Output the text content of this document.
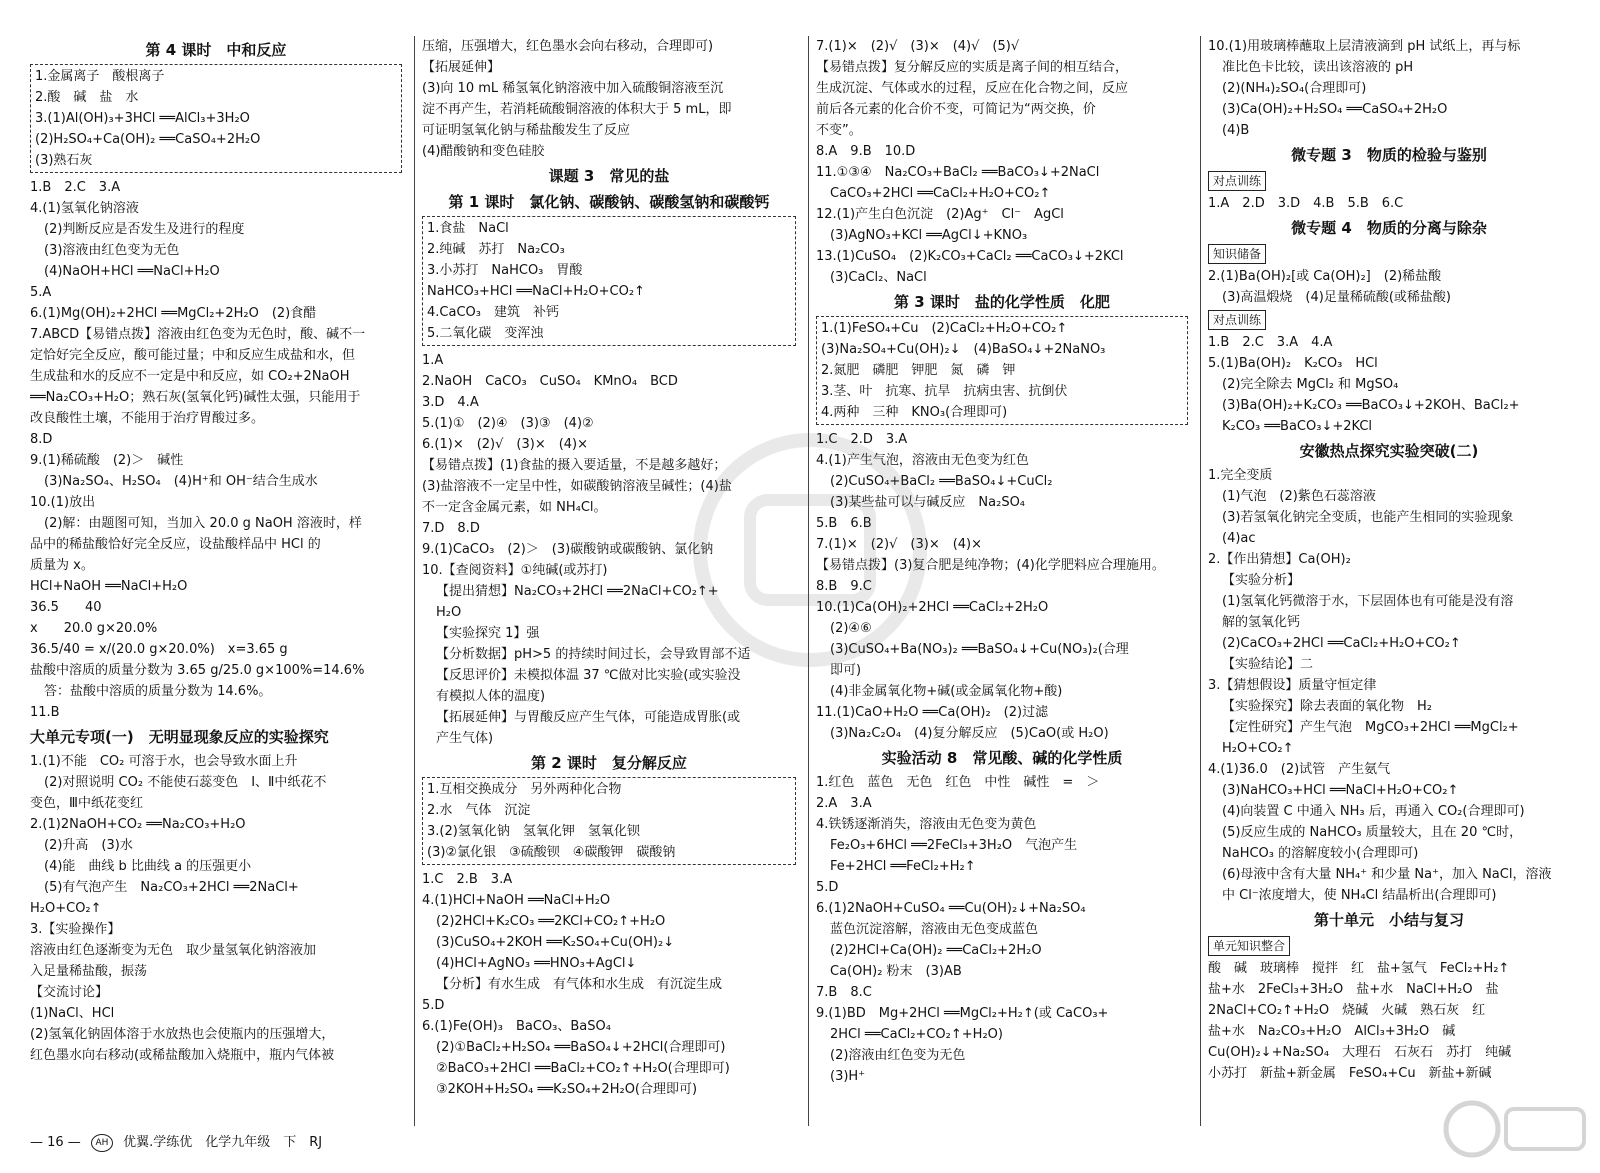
第 4 课时　中和反应
1.金属离子　酸根离子
2.酸　碱　盐　水
3.(1)Al(OH)₃+3HCl ══AlCl₃+3H₂O
(2)H₂SO₄+Ca(OH)₂ ══CaSO₄+2H₂O
(3)熟石灰
1.B　2.C　3.A
4.(1)氢氧化钠溶液
(2)判断反应是否发生及进行的程度
(3)溶液由红色变为无色
(4)NaOH+HCl ══NaCl+H₂O
5.A
6.(1)Mg(OH)₂+2HCl ══MgCl₂+2H₂O　(2)食醋
7.ABCD【易错点拨】溶液由红色变为无色时，酸、碱不一
定恰好完全反应，酸可能过量；中和反应生成盐和水，但
生成盐和水的反应不一定是中和反应，如 CO₂+2NaOH
══Na₂CO₃+H₂O；熟石灰(氢氧化钙)碱性太强，只能用于
改良酸性土壤，不能用于治疗胃酸过多。
8.D
9.(1)稀硫酸　(2)＞　碱性
(3)Na₂SO₄、H₂SO₄　(4)H⁺和 OH⁻结合生成水
10.(1)放出
(2)解：由题图可知，当加入 20.0 g NaOH 溶液时，样
品中的稀盐酸恰好完全反应，设盐酸样品中 HCl 的
质量为 x。
HCl+NaOH ══NaCl+H₂O
36.5　　40
x　　20.0 g×20.0%
36.5/40 = x/(20.0 g×20.0%)　x=3.65 g
盐酸中溶质的质量分数为 3.65 g/25.0 g×100%=14.6%
答：盐酸中溶质的质量分数为 14.6%。
11.B
大单元专项(一)　无明显现象反应的实验探究
1.(1)不能　CO₂ 可溶于水，也会导致水面上升
(2)对照说明 CO₂ 不能使石蕊变色　Ⅰ、Ⅱ中纸花不
变色，Ⅲ中纸花变红
2.(1)2NaOH+CO₂ ══Na₂CO₃+H₂O
(2)升高　(3)水
(4)能　曲线 b 比曲线 a 的压强更小
(5)有气泡产生　Na₂CO₃+2HCl ══2NaCl+
H₂O+CO₂↑
3.【实验操作】
溶液由红色逐渐变为无色　取少量氢氧化钠溶液加
入足量稀盐酸，振荡
【交流讨论】
(1)NaCl、HCl
(2)氢氧化钠固体溶于水放热也会使瓶内的压强增大，
红色墨水向右移动(或稀盐酸加入烧瓶中，瓶内气体被
压缩，压强增大，红色墨水会向右移动，合理即可)
【拓展延伸】
(3)向 10 mL 稀氢氧化钠溶液中加入硫酸铜溶液至沉
淀不再产生，若消耗硫酸铜溶液的体积大于 5 mL，即
可证明氢氧化钠与稀盐酸发生了反应
(4)醋酸钠和变色硅胶
课题 3　常见的盐
第 1 课时　氯化钠、碳酸钠、碳酸氢钠和碳酸钙
1.食盐　NaCl
2.纯碱　苏打　Na₂CO₃
3.小苏打　NaHCO₃　胃酸
NaHCO₃+HCl ══NaCl+H₂O+CO₂↑
4.CaCO₃　建筑　补钙
5.二氧化碳　变浑浊
1.A
2.NaOH　CaCO₃　CuSO₄　KMnO₄　BCD
3.D　4.A
5.(1)①　(2)④　(3)③　(4)②
6.(1)×　(2)√　(3)×　(4)×
【易错点拨】(1)食盐的摄入要适量，不是越多越好；
(3)盐溶液不一定呈中性，如碳酸钠溶液呈碱性；(4)盐
不一定含金属元素，如 NH₄Cl。
7.D　8.D
9.(1)CaCO₃　(2)＞　(3)碳酸钠或碳酸钠、氯化钠
10.【查阅资料】①纯碱(或苏打)
【提出猜想】Na₂CO₃+2HCl ══2NaCl+CO₂↑+
H₂O
【实验探究 1】强
【分析数据】pH>5 的持续时间过长，会导致胃部不适
【反思评价】未模拟体温 37 ℃做对比实验(或实验没
有模拟人体的温度)
【拓展延伸】与胃酸反应产生气体，可能造成胃胀(或
产生气体)
第 2 课时　复分解反应
1.互相交换成分　另外两种化合物
2.水　气体　沉淀
3.(2)氢氧化钠　氢氧化钾　氢氧化钡
(3)②氯化银　③硫酸钡　④碳酸钾　碳酸钠
1.C　2.B　3.A
4.(1)HCl+NaOH ══NaCl+H₂O
(2)2HCl+K₂CO₃ ══2KCl+CO₂↑+H₂O
(3)CuSO₄+2KOH ══K₂SO₄+Cu(OH)₂↓
(4)HCl+AgNO₃ ══HNO₃+AgCl↓
【分析】有水生成　有气体和水生成　有沉淀生成
5.D
6.(1)Fe(OH)₃　BaCO₃、BaSO₄
(2)①BaCl₂+H₂SO₄ ══BaSO₄↓+2HCl(合理即可)
②BaCO₃+2HCl ══BaCl₂+CO₂↑+H₂O(合理即可)
③2KOH+H₂SO₄ ══K₂SO₄+2H₂O(合理即可)
7.(1)×　(2)√　(3)×　(4)√　(5)√
【易错点拨】复分解反应的实质是离子间的相互结合，
生成沉淀、气体或水的过程，反应在化合物之间，反应
前后各元素的化合价不变，可简记为“两交换，价
不变”。
8.A　9.B　10.D
11.①③④　Na₂CO₃+BaCl₂ ══BaCO₃↓+2NaCl
CaCO₃+2HCl ══CaCl₂+H₂O+CO₂↑
12.(1)产生白色沉淀　(2)Ag⁺　Cl⁻　AgCl
(3)AgNO₃+KCl ══AgCl↓+KNO₃
13.(1)CuSO₄　(2)K₂CO₃+CaCl₂ ══CaCO₃↓+2KCl
(3)CaCl₂、NaCl
第 3 课时　盐的化学性质　化肥
1.(1)FeSO₄+Cu　(2)CaCl₂+H₂O+CO₂↑
(3)Na₂SO₄+Cu(OH)₂↓　(4)BaSO₄↓+2NaNO₃
2.氮肥　磷肥　钾肥　氮　磷　钾
3.茎、叶　抗寒、抗旱　抗病虫害、抗倒伏
4.两种　三种　KNO₃(合理即可)
1.C　2.D　3.A
4.(1)产生气泡，溶液由无色变为红色
(2)CuSO₄+BaCl₂ ══BaSO₄↓+CuCl₂
(3)某些盐可以与碱反应　Na₂SO₄
5.B　6.B
7.(1)×　(2)√　(3)×　(4)×
【易错点拨】(3)复合肥是纯净物；(4)化学肥料应合理施用。
8.B　9.C
10.(1)Ca(OH)₂+2HCl ══CaCl₂+2H₂O
(2)④⑥
(3)CuSO₄+Ba(NO₃)₂ ══BaSO₄↓+Cu(NO₃)₂(合理
即可)
(4)非金属氧化物+碱(或金属氧化物+酸)
11.(1)CaO+H₂O ══Ca(OH)₂　(2)过滤
(3)Na₂C₂O₄　(4)复分解反应　(5)CaO(或 H₂O)
实验活动 8　常见酸、碱的化学性质
1.红色　蓝色　无色　红色　中性　碱性　=　＞
2.A　3.A
4.铁锈逐渐消失，溶液由无色变为黄色
Fe₂O₃+6HCl ══2FeCl₃+3H₂O　气泡产生
Fe+2HCl ══FeCl₂+H₂↑
5.D
6.(1)2NaOH+CuSO₄ ══Cu(OH)₂↓+Na₂SO₄
蓝色沉淀溶解，溶液由无色变成蓝色
(2)2HCl+Ca(OH)₂ ══CaCl₂+2H₂O
Ca(OH)₂ 粉末　(3)AB
7.B　8.C
9.(1)BD　Mg+2HCl ══MgCl₂+H₂↑(或 CaCO₃+
2HCl ══CaCl₂+CO₂↑+H₂O)
(2)溶液由红色变为无色
(3)H⁺
10.(1)用玻璃棒蘸取上层清液滴到 pH 试纸上，再与标
准比色卡比较，读出该溶液的 pH
(2)(NH₄)₂SO₄(合理即可)
(3)Ca(OH)₂+H₂SO₄ ══CaSO₄+2H₂O
(4)B
微专题 3　物质的检验与鉴别
对点训练
1.A　2.D　3.D　4.B　5.B　6.C
微专题 4　物质的分离与除杂
知识储备
2.(1)Ba(OH)₂[或 Ca(OH)₂]　(2)稀盐酸
(3)高温煅烧　(4)足量稀硫酸(或稀盐酸)
对点训练
1.B　2.C　3.A　4.A
5.(1)Ba(OH)₂　K₂CO₃　HCl
(2)完全除去 MgCl₂ 和 MgSO₄
(3)Ba(OH)₂+K₂CO₃ ══BaCO₃↓+2KOH、BaCl₂+
K₂CO₃ ══BaCO₃↓+2KCl
安徽热点探究实验突破(二)
1.完全变质
(1)气泡　(2)紫色石蕊溶液
(3)若氢氧化钠完全变质，也能产生相同的实验现象
(4)ac
2.【作出猜想】Ca(OH)₂
【实验分析】
(1)氢氧化钙微溶于水，下层固体也有可能是没有溶
解的氢氧化钙
(2)CaCO₃+2HCl ══CaCl₂+H₂O+CO₂↑
【实验结论】二
3.【猜想假设】质量守恒定律
【实验探究】除去表面的氧化物　H₂
【定性研究】产生气泡　MgCO₃+2HCl ══MgCl₂+
H₂O+CO₂↑
4.(1)36.0　(2)试管　产生氨气
(3)NaHCO₃+HCl ══NaCl+H₂O+CO₂↑
(4)向装置 C 中通入 NH₃ 后，再通入 CO₂(合理即可)
(5)反应生成的 NaHCO₃ 质量较大，且在 20 ℃时，
NaHCO₃ 的溶解度较小(合理即可)
(6)母液中含有大量 NH₄⁺ 和少量 Na⁺，加入 NaCl，溶液
中 Cl⁻浓度增大，使 NH₄Cl 结晶析出(合理即可)
第十单元　小结与复习
单元知识整合
酸　碱　玻璃棒　搅拌　红　盐+氢气　FeCl₂+H₂↑
盐+水　2FeCl₃+3H₂O　盐+水　NaCl+H₂O　盐
2NaCl+CO₂↑+H₂O　烧碱　火碱　熟石灰　红
盐+水　Na₂CO₃+H₂O　AlCl₃+3H₂O　碱
Cu(OH)₂↓+Na₂SO₄　大理石　石灰石　苏打　纯碱
小苏打　新盐+新金属　FeSO₄+Cu　新盐+新碱
— 16 — AH 优翼.学练优　化学九年级　下　RJ
